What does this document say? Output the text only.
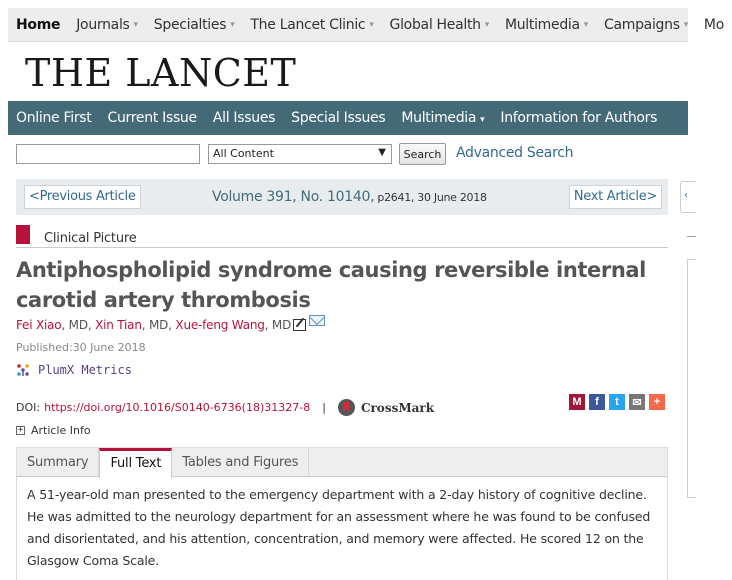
Home Journals ▾ Specialties ▾ The Lancet Clinic ▾ Global Health ▾ Multimedia ▾ Campaigns ▾ Mo
THE LANCET
Online First	Current Issue	All Issues	Special Issues	Multimedia ▾	Information for Authors
All Content	▼	Search	Advanced Search
<Previous Article	Volume 391, No. 10140, p2641, 30 June 2018	Next Article>
Clinical Picture
Antiphospholipid syndrome causing reversible internal carotid artery thrombosis
Fei Xiao , MD,
Xin Tian , MD,
Xue-feng Wang , MD
Published:30 June 2018
PlumX Metrics
DOI: https://doi.org/10.1016/S0140-6736(18)31327-8 |	CrossMark	M	f	t	✉	+
+ Article Info
Summary	Full Text	Tables and Figures
A 51-year-old man presented to the emergency department with a 2-day history of cognitive decline. He was admitted to the neurology department for an assessment where he was found to be confused and disorientated, and his attention, concentration, and memory were affected. He scored 12 on the Glasgow Coma Scale.
‹
